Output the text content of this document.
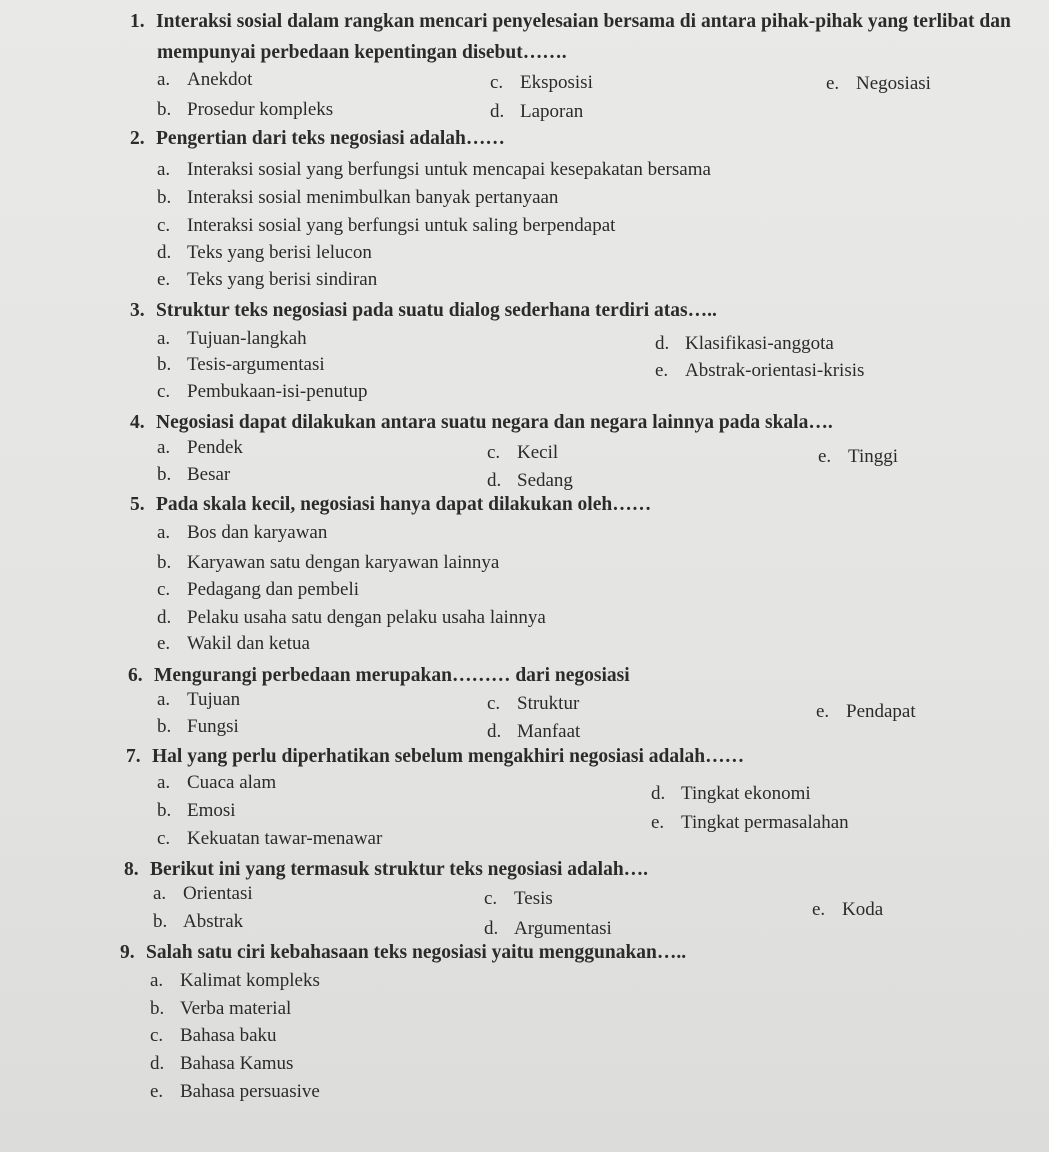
1. Interaksi sosial dalam rangkan mencari penyelesaian bersama di antara pihak-pihak yang terlibat dan
mempunyai perbedaan kepentingan disebut…….
a. Anekdot
b. Prosedur kompleks
c. Eksposisi
d. Laporan
e. Negosiasi
2. Pengertian dari teks negosiasi adalah……
a. Interaksi sosial yang berfungsi untuk mencapai kesepakatan bersama
b. Interaksi sosial menimbulkan banyak pertanyaan
c. Interaksi sosial yang berfungsi untuk saling berpendapat
d. Teks yang berisi lelucon
e. Teks yang berisi sindiran
3. Struktur teks negosiasi pada suatu dialog sederhana terdiri atas…..
a. Tujuan-langkah
b. Tesis-argumentasi
c. Pembukaan-isi-penutup
d. Klasifikasi-anggota
e. Abstrak-orientasi-krisis
4. Negosiasi dapat dilakukan antara suatu negara dan negara lainnya pada skala….
a. Pendek
b. Besar
c. Kecil
d. Sedang
e. Tinggi
5. Pada skala kecil, negosiasi hanya dapat dilakukan oleh……
a. Bos dan karyawan
b. Karyawan satu dengan karyawan lainnya
c. Pedagang dan pembeli
d. Pelaku usaha satu dengan pelaku usaha lainnya
e. Wakil dan ketua
6. Mengurangi perbedaan merupakan……… dari negosiasi
a. Tujuan
b. Fungsi
c. Struktur
d. Manfaat
e. Pendapat
7. Hal yang perlu diperhatikan sebelum mengakhiri negosiasi adalah……
a. Cuaca alam
b. Emosi
c. Kekuatan tawar-menawar
d. Tingkat ekonomi
e. Tingkat permasalahan
8. Berikut ini yang termasuk struktur teks negosiasi adalah….
a. Orientasi
b. Abstrak
c. Tesis
d. Argumentasi
e. Koda
9. Salah satu ciri kebahasaan teks negosiasi yaitu menggunakan…..
a. Kalimat kompleks
b. Verba material
c. Bahasa baku
d. Bahasa Kamus
e. Bahasa persuasive
